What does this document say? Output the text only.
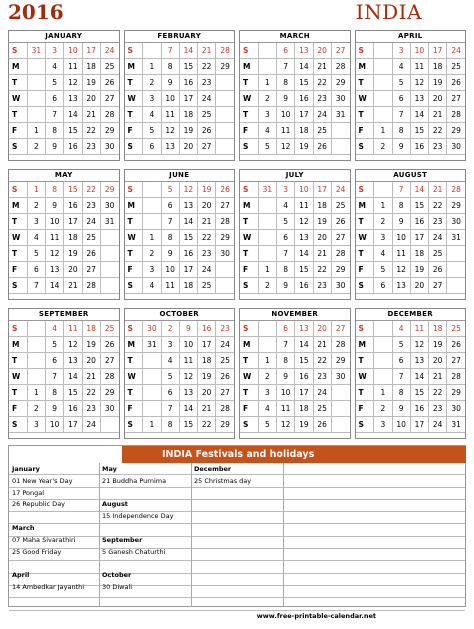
2016	INDIA
JANUARY
S	31	3	10	17	24
M		4	11	18	25
T		5	12	19	26
W		6	13	20	27
T		7	14	21	28
F	1	8	15	22	29
S	2	9	16	23	30
FEBRUARY
S		7	14	21	28
M	1	8	15	22	29
T	2	9	16	23	
W	3	10	17	24	
T	4	11	18	25	
F	5	12	19	26	
S	6	13	20	27	
MARCH
S		6	13	20	27
M		7	14	21	28
T	1	8	15	22	29
W	2	9	16	23	30
T	3	10	17	24	31
F	4	11	18	25	
S	5	12	19	26	
APRIL
S		3	10	17	24
M		4	11	18	25
T		5	12	19	26
W		6	13	20	27
T		7	14	21	28
F	1	8	15	22	29
S	2	9	16	23	30
MAY
S	1	8	15	22	29
M	2	9	16	23	30
T	3	10	17	24	31
W	4	11	18	25	
T	5	12	19	26	
F	6	13	20	27	
S	7	14	21	28	
JUNE
S		5	12	19	26
M		6	13	20	27
T		7	14	21	28
W	1	8	15	22	29
T	2	9	16	23	30
F	3	10	17	24	
S	4	11	18	25	
JULY
S	31	3	10	17	24
M		4	11	18	25
T		5	12	19	26
W		6	13	20	27
T		7	14	21	28
F	1	8	15	22	29
S	2	9	16	23	30
AUGUST
S		7	14	21	28
M	1	8	15	22	29
T	2	9	16	23	30
W	3	10	17	24	31
T	4	11	18	25	
F	5	12	19	26	
S	6	13	20	27	
SEPTEMBER
S		4	11	18	25
M		5	12	19	26
T		6	13	20	27
W		7	14	21	28
T	1	8	15	22	29
F	2	9	16	23	30
S	3	10	17	24	
OCTOBER
S	30	2	9	16	23
M	31	3	10	17	24
T		4	11	18	25
W		5	12	19	26
T		6	13	20	27
F		7	14	21	28
S	1	8	15	22	29
NOVEMBER
S		6	13	20	27
M		7	14	21	28
T	1	8	15	22	29
W	2	9	16	23	30
T	3	10	17	24	
F	4	11	18	25	
S	5	12	19	26	
DECEMBER
S		4	11	18	25
M		5	12	19	26
T		6	13	20	27
W		7	14	21	28
T	1	8	15	22	29
F	2	9	16	23	30
S	3	10	17	24	31
January
01 New Year's Day
17 Pongal
26 Republic Day
March
07 Maha Sivarathiri
25 Good Friday
April
14 Ambedkar Jayanthi
May
21 Buddha Purnima
August
15 Independence Day
September
5 Ganesh Chaturthi
October
30 Diwali
December
25 Christmas day
INDIA Festivals and holidays
www.free-printable-calendar.net
